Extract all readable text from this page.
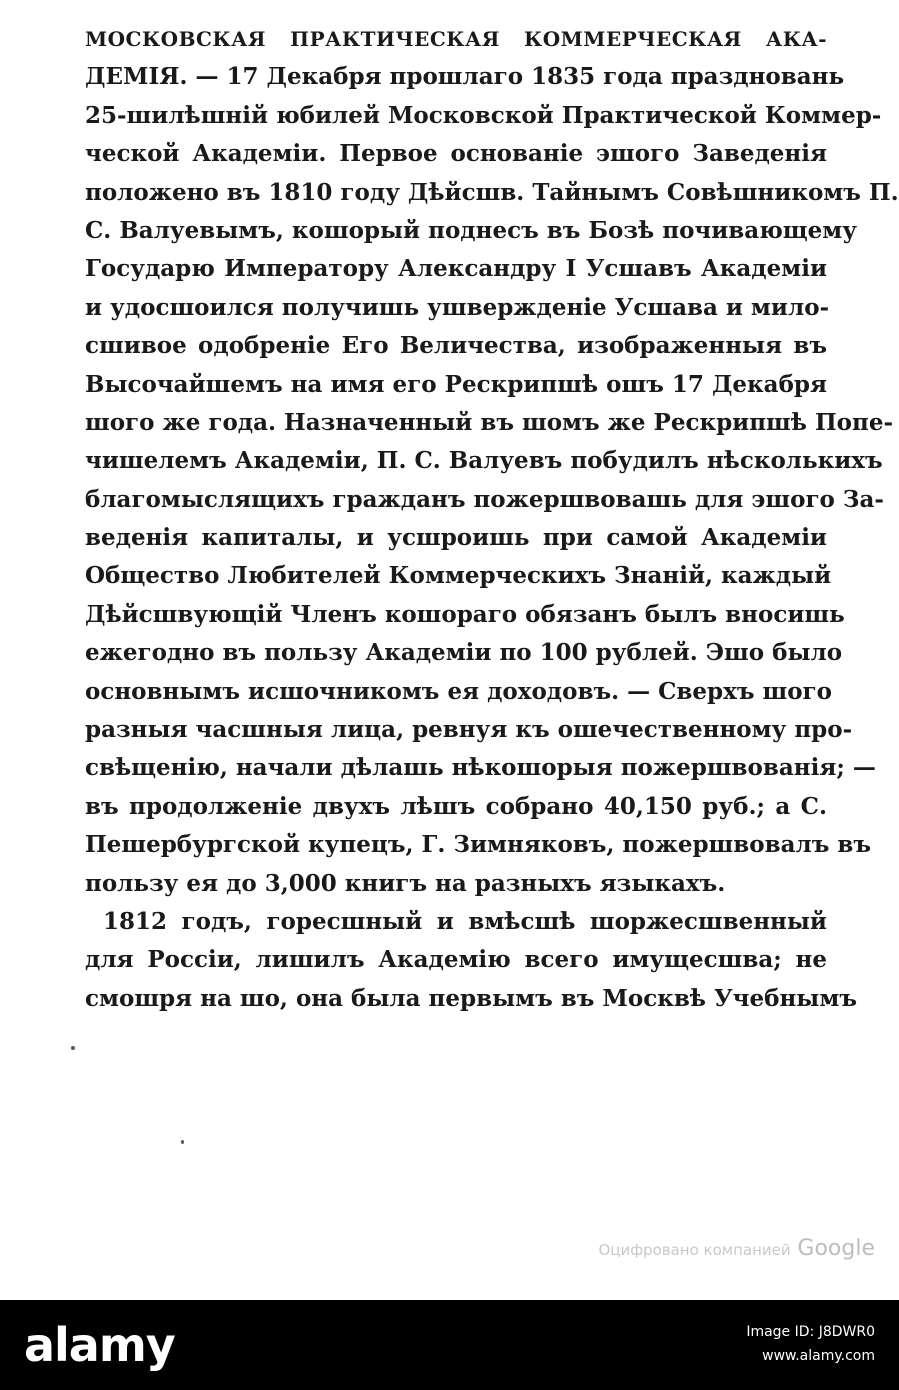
МОСКОВСКАЯ ПРАКТИЧЕСКАЯ КОММЕРЧЕСКАЯ АКА-
ДЕМІЯ. — 17 Декабря прошлаго 1835 года праздновань
25-шилѣшній юбилей Московской Практической Коммер-
ческой Академіи. Первое основаніе эшого Заведенія
положено въ 1810 году Дѣйсшв. Тайнымъ Совѣшникомъ П.
С. Валуевымъ, кошорый поднесъ въ Бозѣ почивающему
Государю Императору Александру I Усшавъ Академіи
и удосшоился получишь ушвержденіе Усшава и мило-
сшивое одобреніе Его Величества, изображенныя въ
Высочайшемъ на имя его Рескрипшѣ ошъ 17 Декабря
шого же года. Назначенный въ шомъ же Рескрипшѣ Попе-
чишелемъ Академіи, П. С. Валуевъ побудилъ нѣсколькихъ
благомыслящихъ гражданъ пожершвовашь для эшого За-
веденія капиталы, и усшроишь при самой Академіи
Общество Любителей Коммерческихъ Знаній, каждый
Дѣйсшвующій Членъ кошораго обязанъ былъ вносишь
ежегодно въ пользу Академіи по 100 рублей. Эшо было
основнымъ исшочникомъ ея доходовъ. — Сверхъ шого
разныя часшныя лица, ревнуя къ ошечественному про-
свѣщенію, начали дѣлашь нѣкошорыя пожершвованія; —
въ продолженіе двухъ лѣшъ собрано 40,150 руб.; а С.
Пешербургской купецъ, Г. Зимняковъ, пожершвовалъ въ
пользу ея до 3,000 книгъ на разныхъ языкахъ.
1812 годъ, горесшный и вмѣсшѣ шоржесшвенный
для Россіи, лишилъ Академію всего имущесшва; не
смошря на шо, она была первымъ въ Москвѣ Учебнымъ
Оцифровано компанией Google
alamy	Image ID: J8DWR0
www.alamy.com
